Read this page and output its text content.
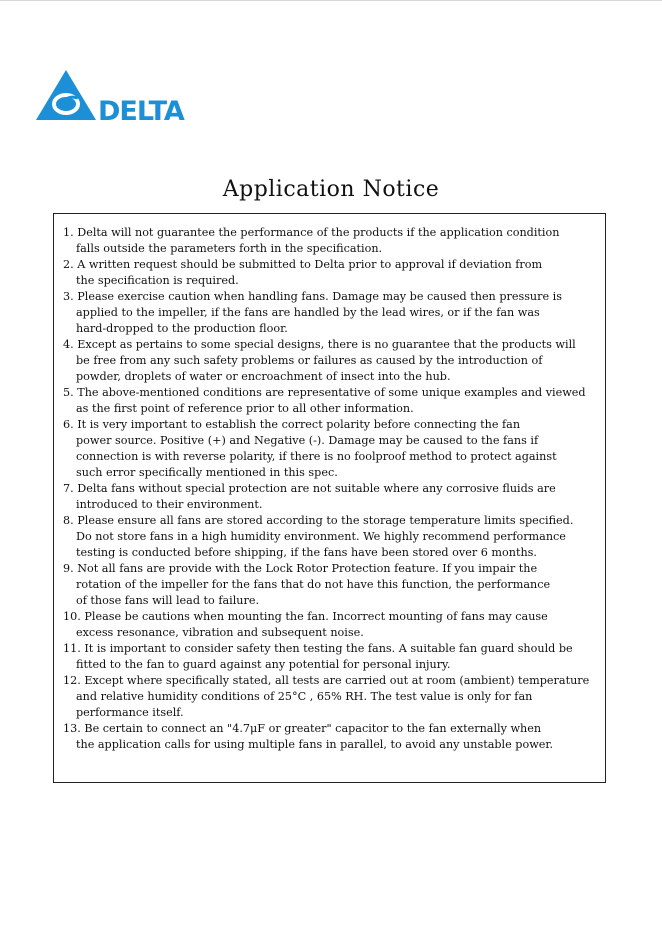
DELTA
Application Notice
1. Delta will not guarantee the performance of the products if the application condition
falls outside the parameters forth in the specification.
2. A written request should be submitted to Delta prior to approval if deviation from
the specification is required.
3. Please exercise caution when handling fans. Damage may be caused then pressure is
applied to the impeller, if the fans are handled by the lead wires, or if the fan was
hard-dropped to the production floor.
4. Except as pertains to some special designs, there is no guarantee that the products will
be free from any such safety problems or failures as caused by the introduction of
powder, droplets of water or encroachment of insect into the hub.
5. The above-mentioned conditions are representative of some unique examples and viewed
as the first point of reference prior to all other information.
6. It is very important to establish the correct polarity before connecting the fan
power source. Positive (+) and Negative (-). Damage may be caused to the fans if
connection is with reverse polarity, if there is no foolproof method to protect against
such error specifically mentioned in this spec.
7. Delta fans without special protection are not suitable where any corrosive fluids are
introduced to their environment.
8. Please ensure all fans are stored according to the storage temperature limits specified.
Do not store fans in a high humidity environment. We highly recommend performance
testing is conducted before shipping, if the fans have been stored over 6 months.
9. Not all fans are provide with the Lock Rotor Protection feature. If you impair the
rotation of the impeller for the fans that do not have this function, the performance
of those fans will lead to failure.
10. Please be cautions when mounting the fan. Incorrect mounting of fans may cause
excess resonance, vibration and subsequent noise.
11. It is important to consider safety then testing the fans. A suitable fan guard should be
fitted to the fan to guard against any potential for personal injury.
12. Except where specifically stated, all tests are carried out at room (ambient) temperature
and relative humidity conditions of 25°C , 65% RH. The test value is only for fan
performance itself.
13. Be certain to connect an "4.7μF or greater" capacitor to the fan externally when
the application calls for using multiple fans in parallel, to avoid any unstable power.
